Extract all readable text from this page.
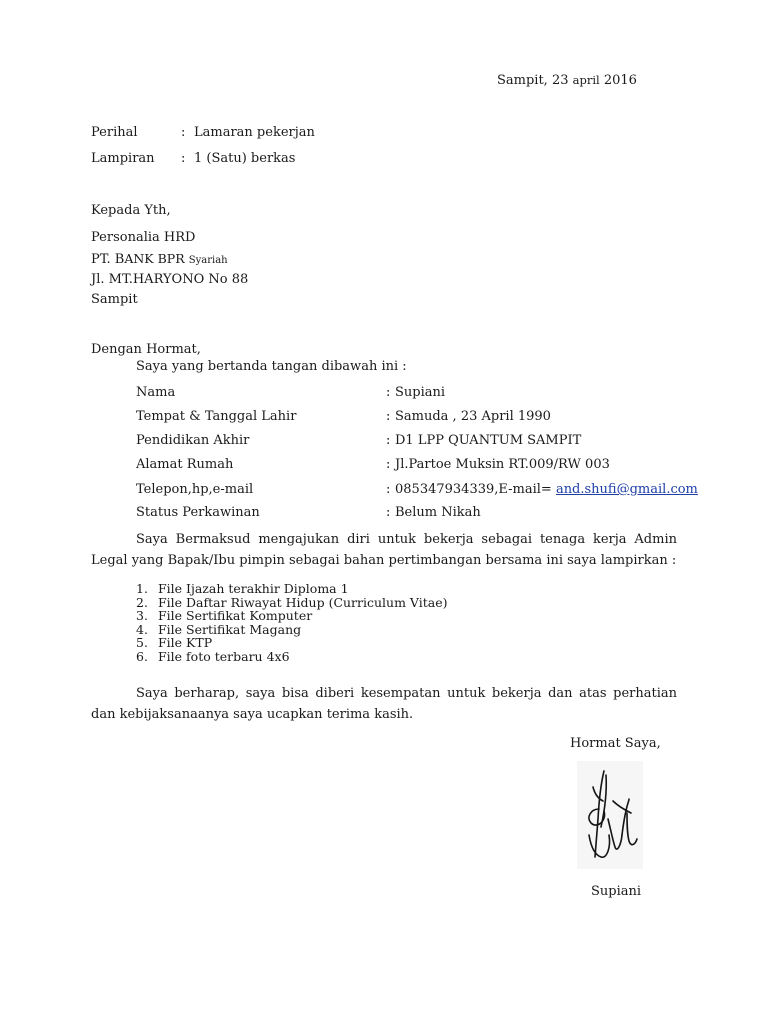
Sampit, 23 april 2016
Perihal	: Lamaran pekerjan
Lampiran : 1 (Satu) berkas
Kepada Yth,
Personalia HRD
PT. BANK BPR Syariah
Jl. MT.HARYONO No 88
Sampit
Dengan Hormat,
Saya yang bertanda tangan dibawah ini :
Nama	: Supiani
Tempat & Tanggal Lahir	: Samuda , 23 April 1990
Pendidikan Akhir	: D1 LPP QUANTUM SAMPIT
Alamat Rumah	: Jl.Partoe Muksin RT.009/RW 003
Telepon,hp,e-mail	: 085347934339,E-mail= and.shufi@gmail.com
Status Perkawinan	: Belum Nikah
Saya Bermaksud mengajukan diri untuk bekerja sebagai tenaga kerja Admin Legal yang Bapak/Ibu pimpin sebagai bahan pertimbangan bersama ini saya lampirkan :
1. File Ijazah terakhir Diploma 1
2. File Daftar Riwayat Hidup (Curriculum Vitae)
3. File Sertifikat Komputer
4. File Sertifikat Magang
5. File KTP
6. File foto terbaru 4x6
Saya berharap, saya bisa diberi kesempatan untuk bekerja dan atas perhatian dan kebijaksanaanya saya ucapkan terima kasih.
Hormat Saya,
Supiani
